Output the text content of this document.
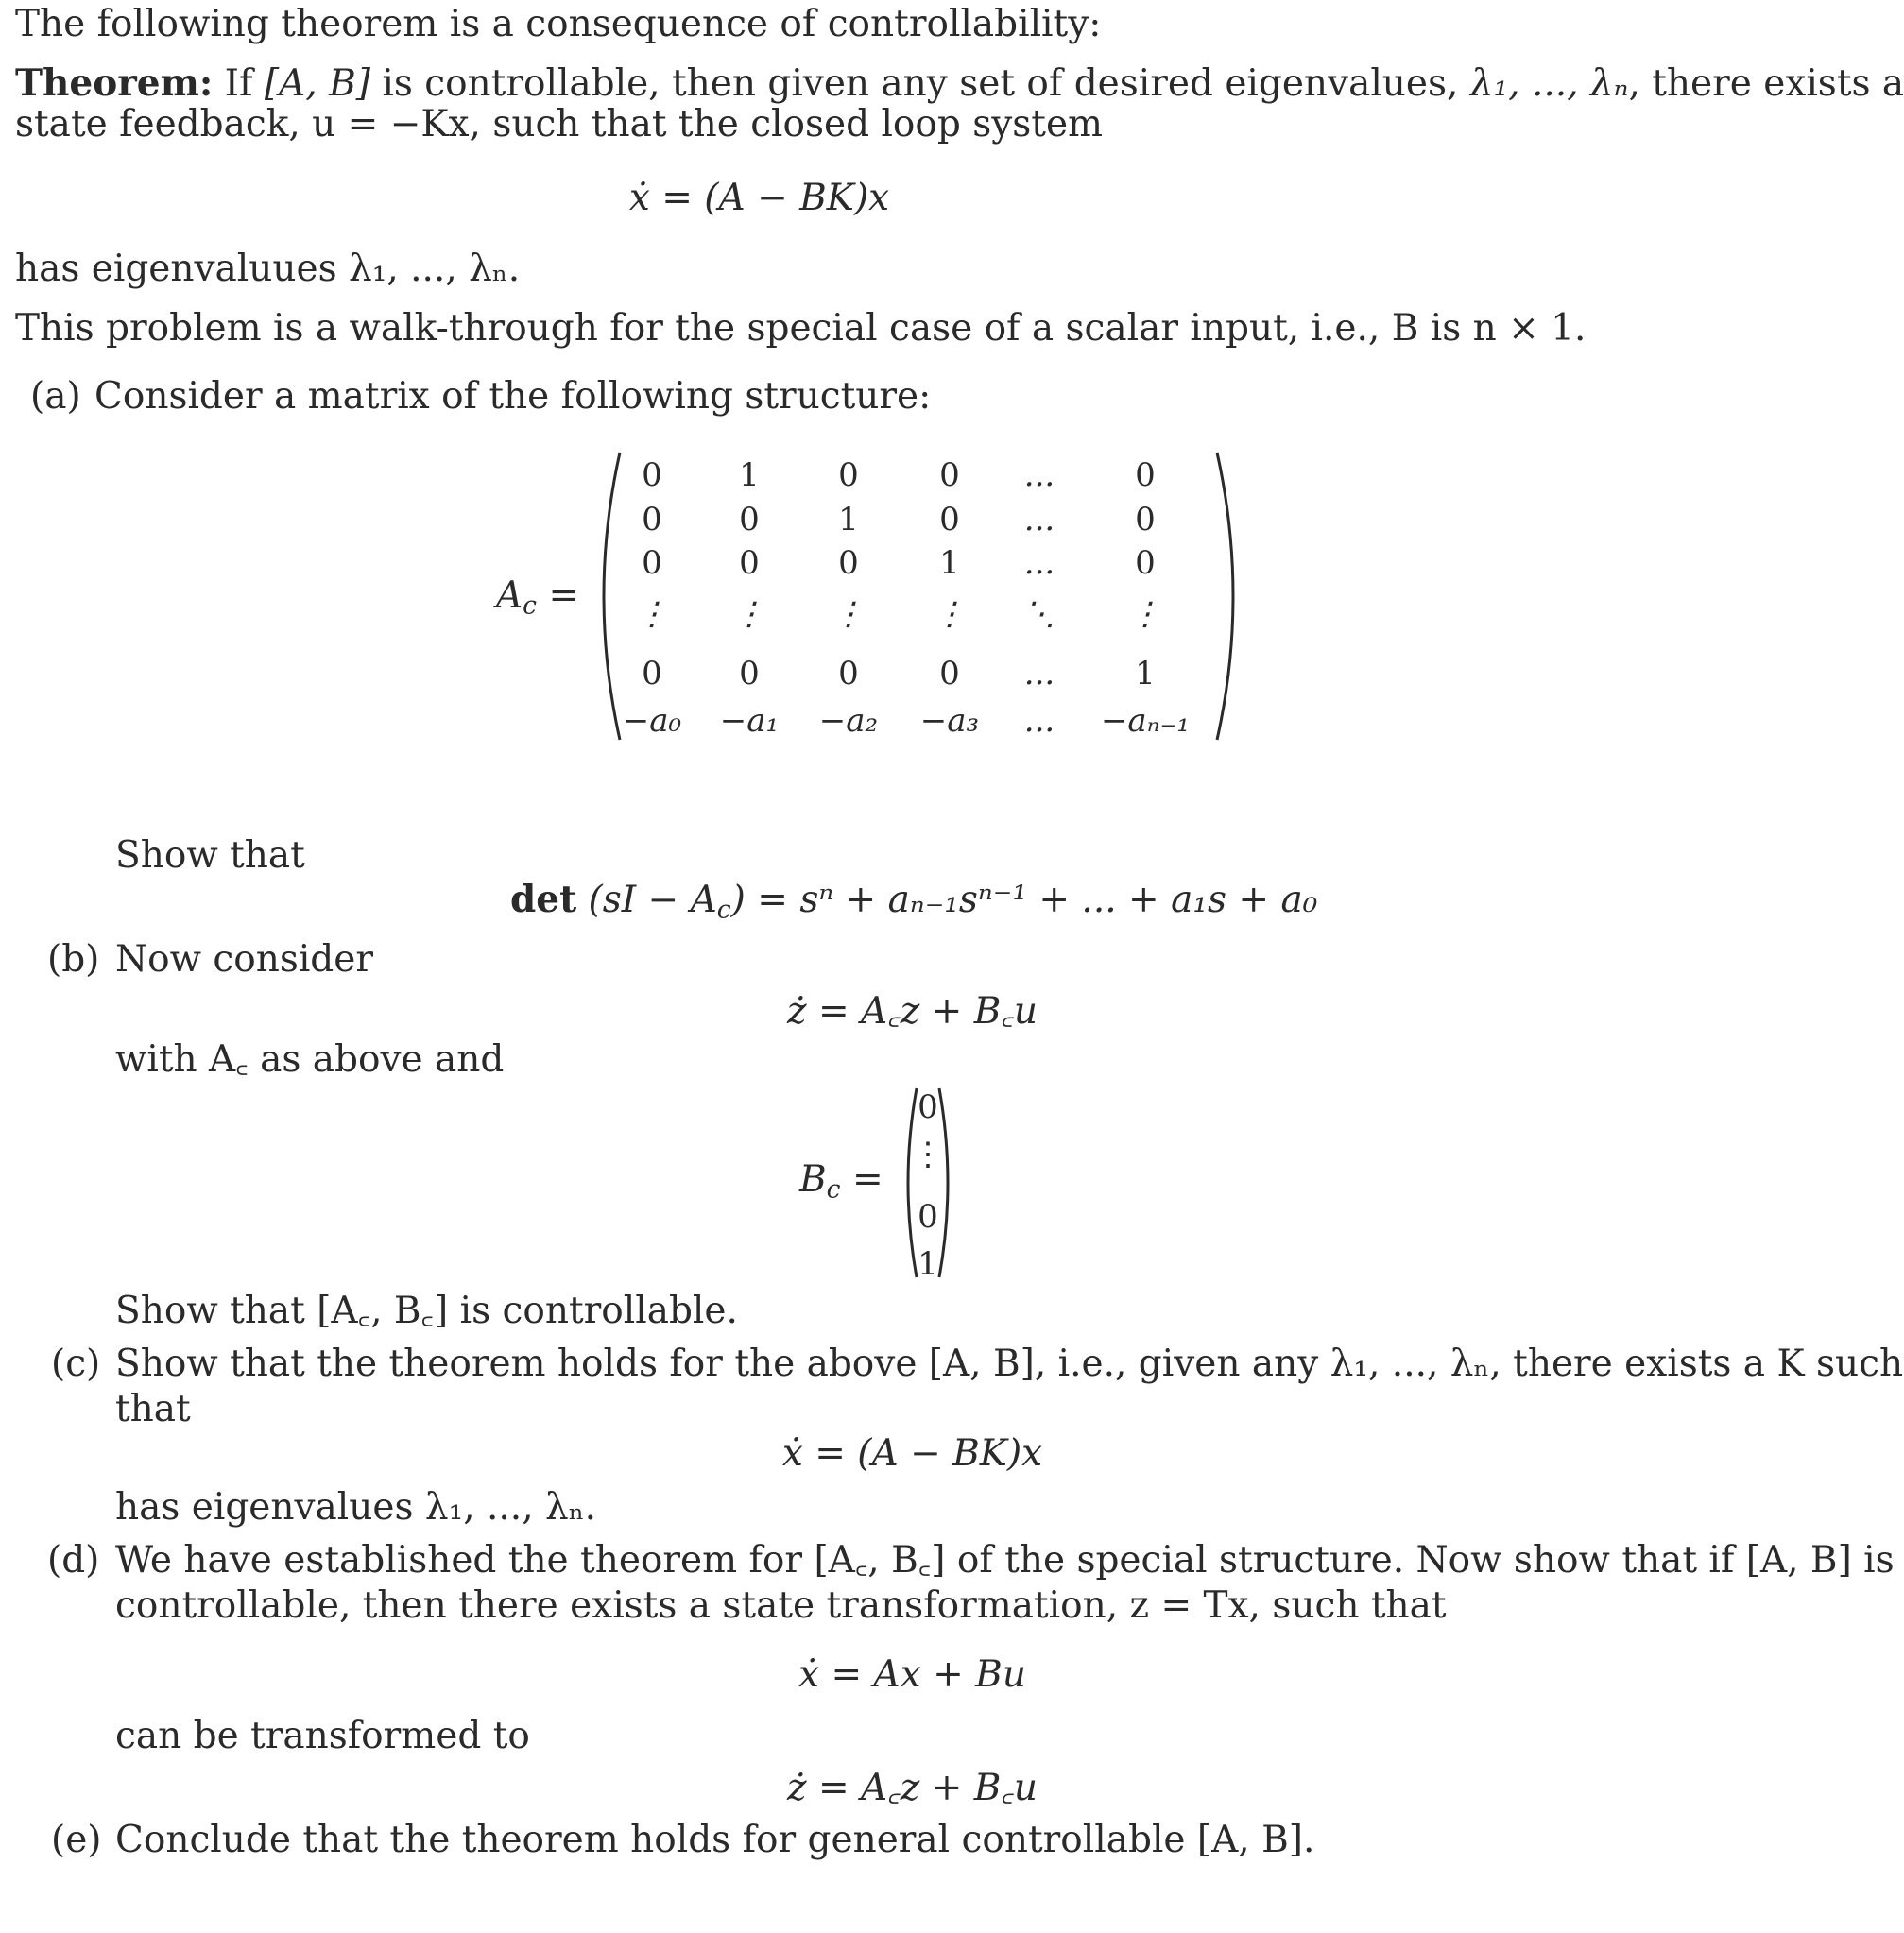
The following theorem is a consequence of controllability:
Theorem: If [A, B] is controllable, then given any set of desired eigenvalues, λ₁, ..., λₙ, there exists a
state feedback, u = −Kx, such that the closed loop system
ẋ = (A − BK)x
has eigenvaluues λ₁, ..., λₙ.
This problem is a walk-through for the special case of a scalar input, i.e., B is n × 1.
(a) Consider a matrix of the following structure:
$A_c$ =
0	1	0	0	...	0
0	0	1	0	...	0
0	0	0	1	...	0
⋮	⋮	⋮	⋮	⋱	⋮
0	0	0	0	...	1
−a₀	−a₁	−a₂	−a₃	...	−aₙ₋₁
Show that
$\det (sI - A_c) = s^n + a_{n-1}s^{n-1}$ + ... + a₁s + a₀
(b) Now consider
ż = A꜀z + B꜀u
with A꜀ as above and
$B_c$ =
0
⋮
0
1
Show that [A꜀, B꜀] is controllable.
(c) Show that the theorem holds for the above [A, B], i.e., given any λ₁, ..., λₙ, there exists a K such
that
ẋ = (A − BK)x
has eigenvalues λ₁, ..., λₙ.
(d) We have established the theorem for [A꜀, B꜀] of the special structure. Now show that if [A, B] is
controllable, then there exists a state transformation, z = Tx, such that
ẋ = Ax + Bu
can be transformed to
ż = A꜀z + B꜀u
(e) Conclude that the theorem holds for general controllable [A, B].
